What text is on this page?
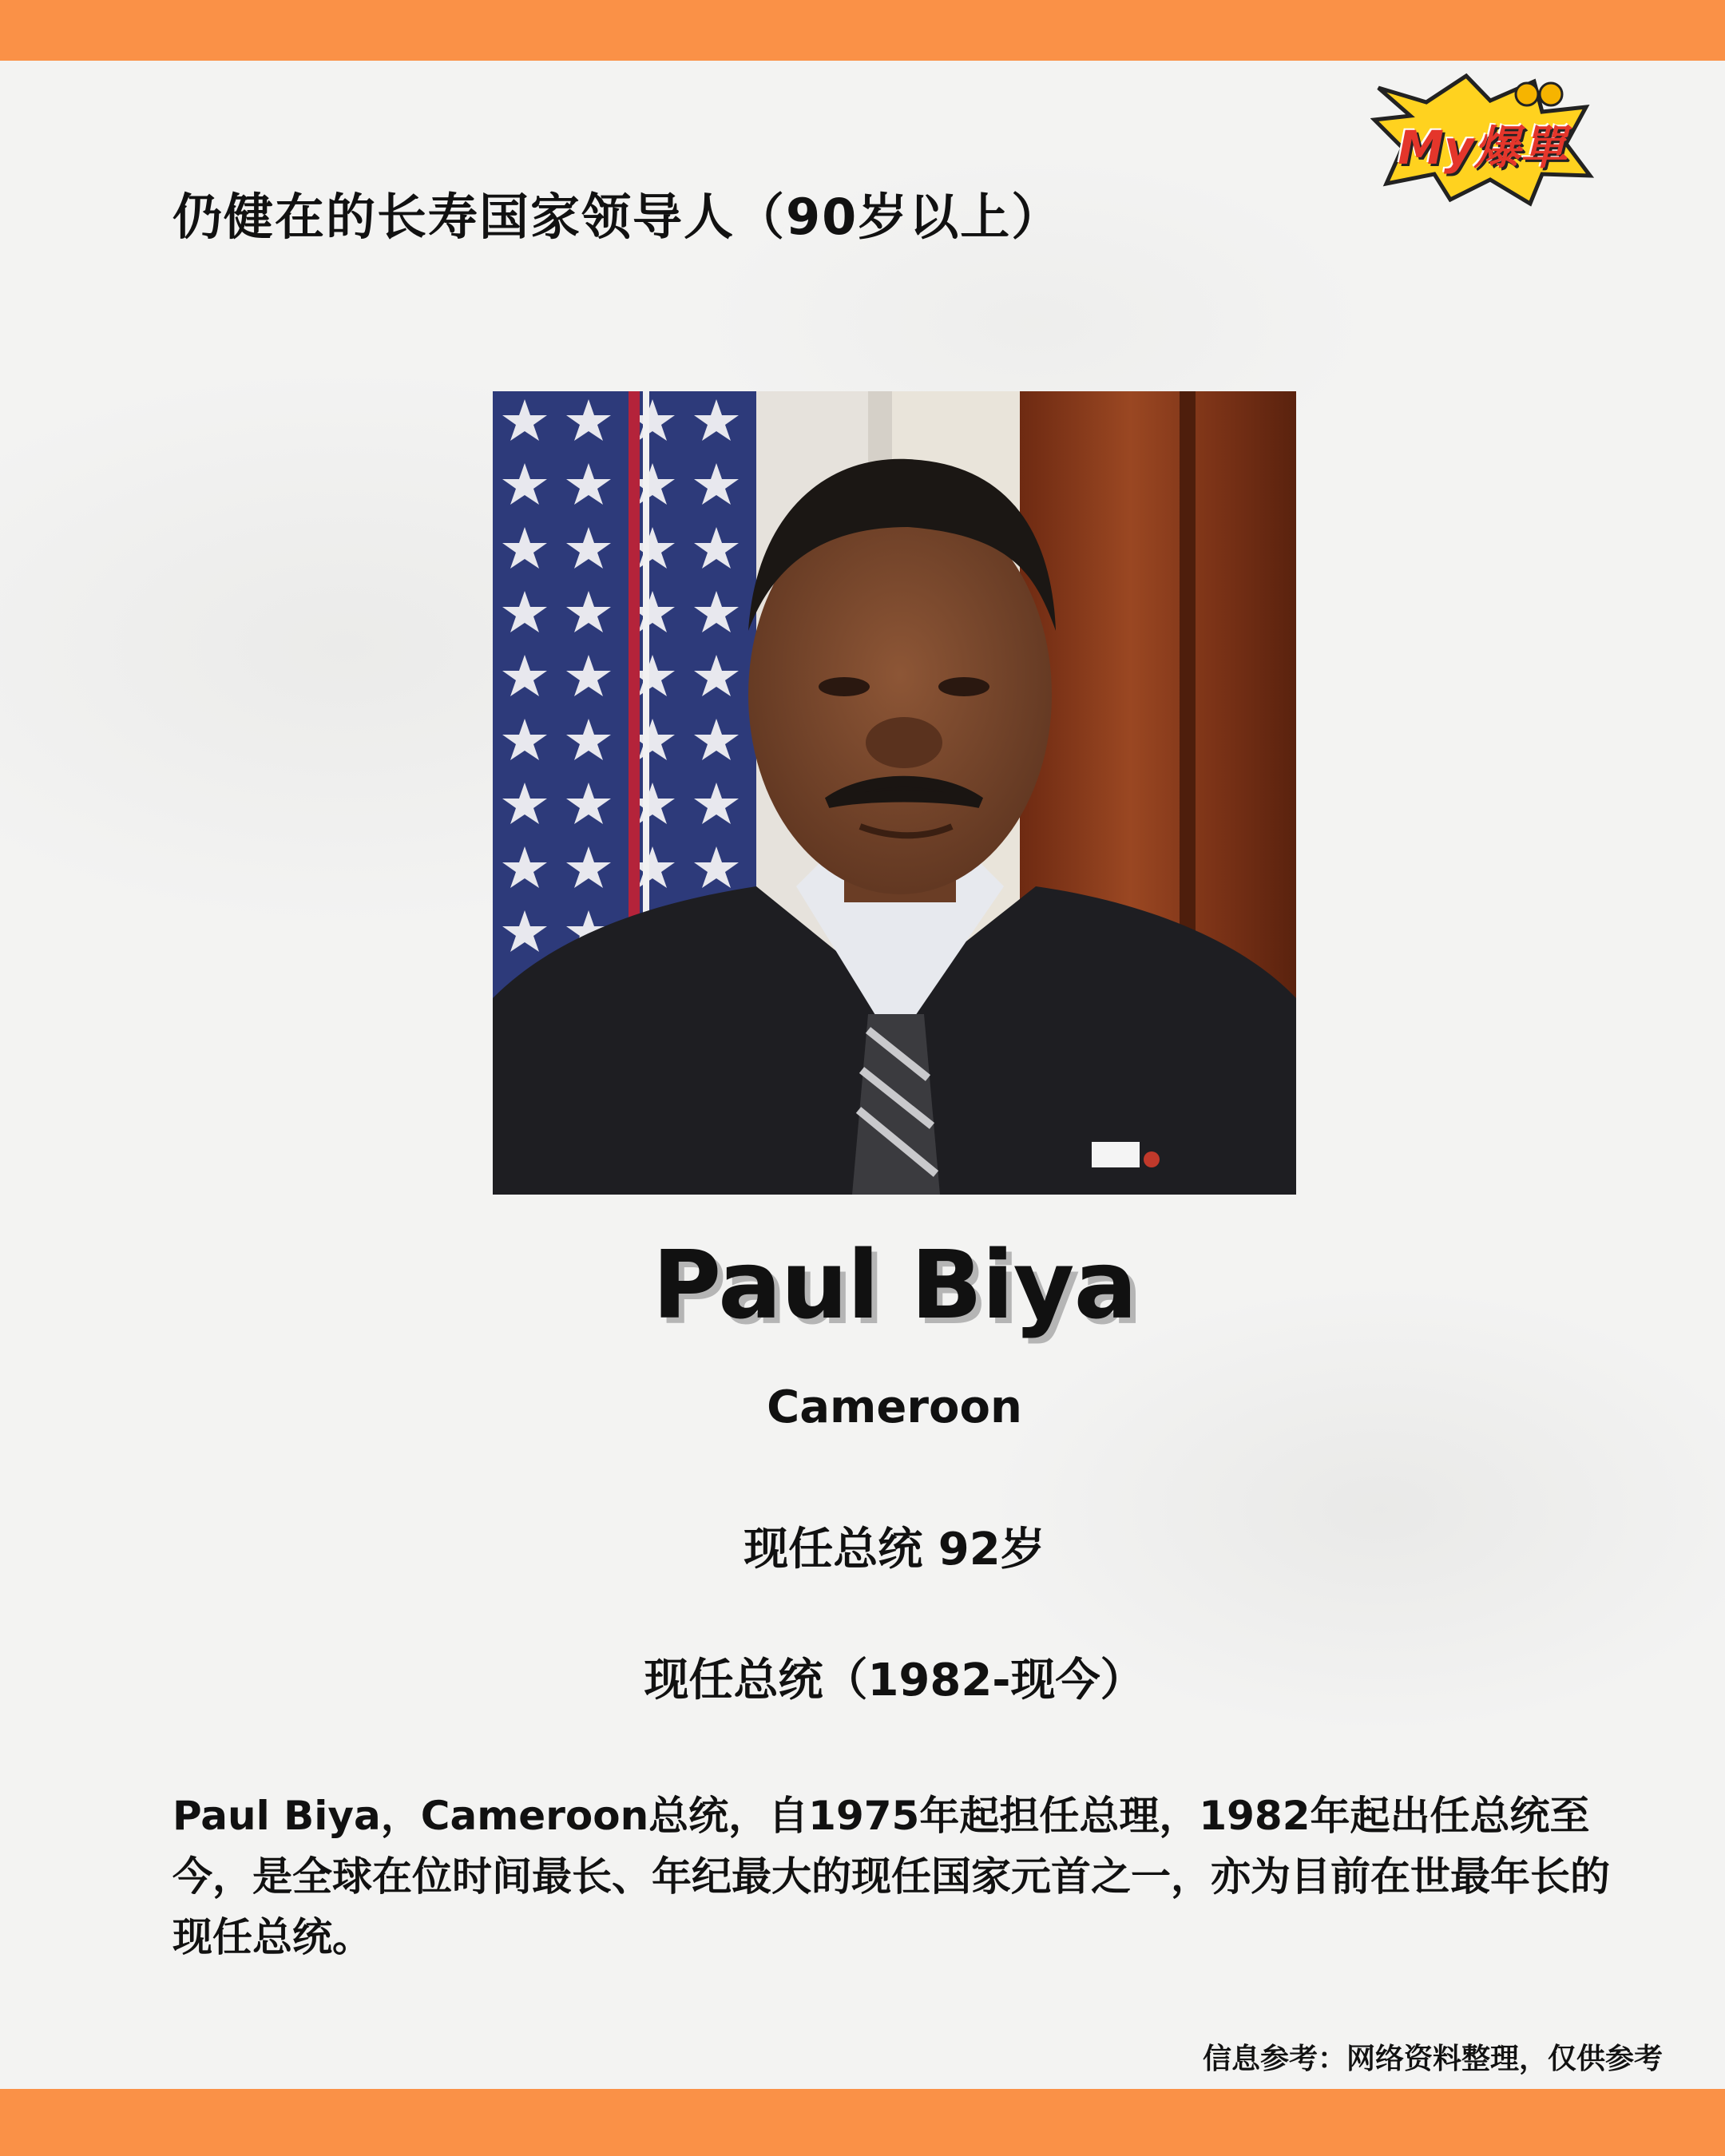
仍健在的长寿国家领导人（90岁以上）
My爆單
Paul Biya
Cameroon
现任总统 92岁
现任总统（1982-现今）
Paul Biya，Cameroon总统，自1975年起担任总理，1982年起出任总统至今，是全球在位时间最长、年纪最大的现任国家元首之一，亦为目前在世最年长的现任总统。
信息参考：网络资料整理，仅供参考
